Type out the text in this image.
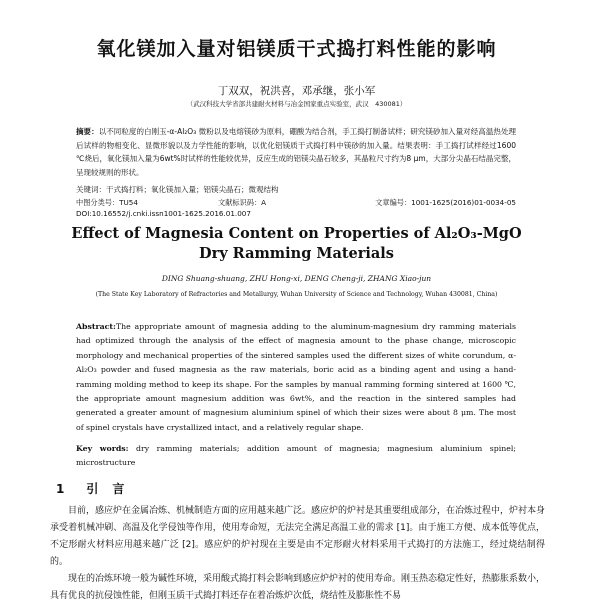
氧化镁加入量对铝镁质干式捣打料性能的影响
丁双双，祝洪喜，邓承继，张小军
（武汉科技大学省部共建耐火材料与冶金国家重点实验室，武汉　430081）
摘要：以不同粒度的白刚玉-α-Al₂O₃ 微粉以及电熔镁砂为原料，硼酸为结合剂，手工捣打制备试样；研究镁砂加入量对经高温热处理后试样的物相变化、显微形貌以及力学性能的影响，以优化铝镁质干式捣打料中镁砂的加入量。结果表明：手工捣打试样经过1600 ℃烧后，氧化镁加入量为6wt%时试样的性能较优异，反应生成的铝镁尖晶石较多，其晶粒尺寸约为8 μm，大部分尖晶石结晶完整，呈现较规则的形状。
关键词：干式捣打料；氧化镁加入量；铝镁尖晶石；微观结构
中图分类号：TU54	文献标识码：A	文章编号：1001-1625(2016)01-0034-05
DOI:10.16552/j.cnki.issn1001-1625.2016.01.007
Effect of Magnesia Content on Properties of Al₂O₃-MgO
Dry Ramming Materials
DING Shuang-shuang, ZHU Hong-xi, DENG Cheng-ji, ZHANG Xiao-jun
(The State Key Laboratory of Refractories and Metallurgy, Wuhan University of Science and Technology, Wuhan 430081, China)
Abstract:The appropriate amount of magnesia adding to the aluminum-magnesium dry ramming materials had optimized through the analysis of the effect of magnesia amount to the phase change, microscopic morphology and mechanical properties of the sintered samples used the different sizes of white corundum, α-Al₂O₃ powder and fused magnesia as the raw materials, boric acid as a binding agent and using a hand-ramming molding method to keep its shape. For the samples by manual ramming forming sintered at 1600 ℃, the appropriate amount magnesium addition was 6wt%, and the reaction in the sintered samples had generated a greater amount of magnesium aluminium spinel of which their sizes were about 8 μm. The most of spinel crystals have crystallized intact, and a relatively regular shape.
Key words: dry ramming materials; addition amount of magnesia; magnesium aluminium spinel; microstructure
1 引言

目前，感应炉在金属冶炼、机械制造方面的应用越来越广泛。感应炉的炉衬是其重要组成部分，在冶炼过程中，炉衬本身承受着机械冲刷、高温及化学侵蚀等作用，使用寿命短，无法完全满足高温工业的需求 [1]。由于施工方便、成本低等优点，不定形耐火材料应用越来越广泛 [2]。感应炉的炉衬现在主要是由不定形耐火材料采用干式捣打的方法施工，经过烧结制得的。

现在的冶炼环境一般为碱性环境，采用酸式捣打料会影响到感应炉炉衬的使用寿命。刚玉热态稳定性好，热膨胀系数小，具有优良的抗侵蚀性能，但刚玉质干式捣打料还存在着冶炼炉次低，烧结性及膨胀性不易
